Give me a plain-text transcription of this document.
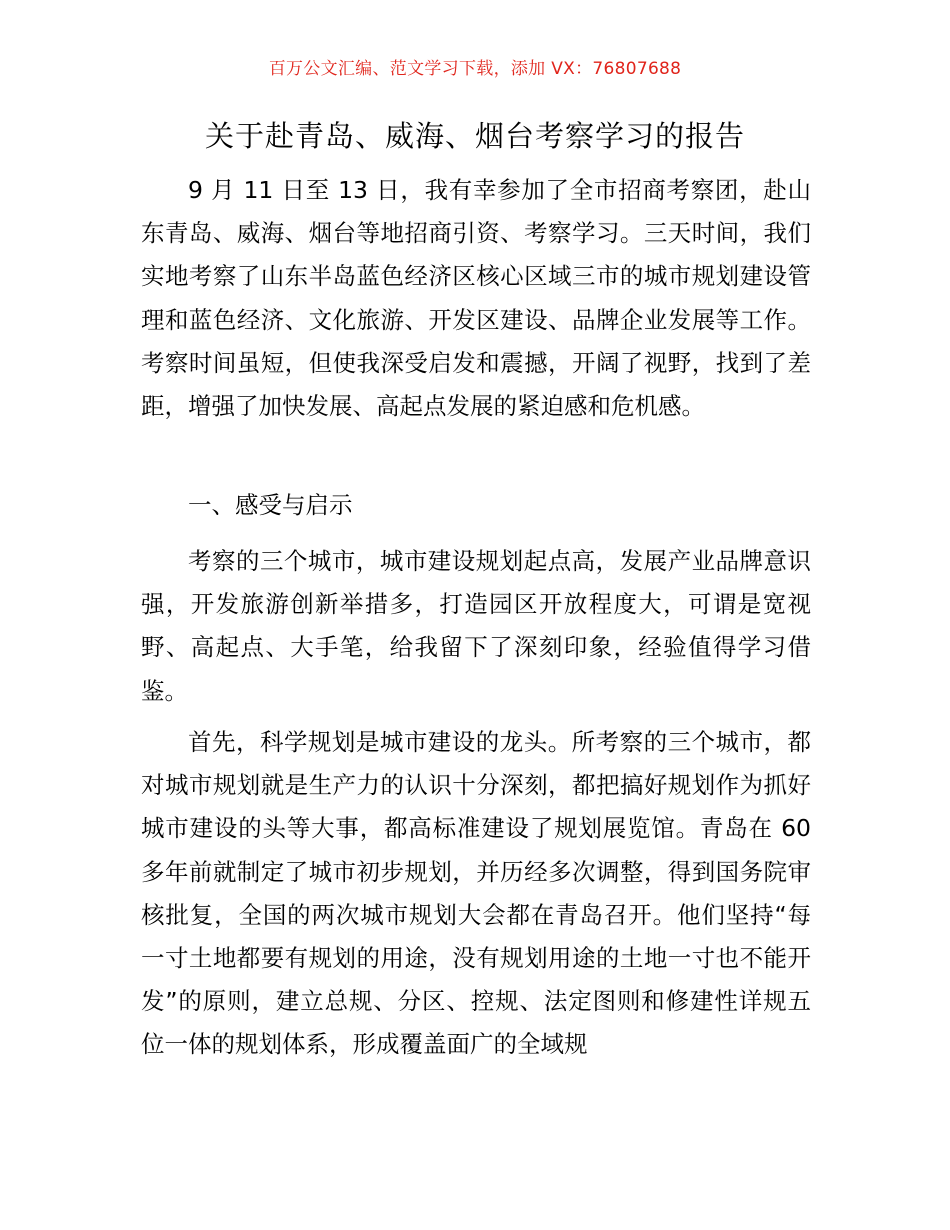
百万公文汇编、范文学习下载，添加 VX：76807688
关于赴青岛、威海、烟台考察学习的报告

9 月 11 日至 13 日，我有幸参加了全市招商考察团，赴山东青岛、威海、烟台等地招商引资、考察学习。三天时间，我们实地考察了山东半岛蓝色经济区核心区域三市的城市规划建设管理和蓝色经济、文化旅游、开发区建设、品牌企业发展等工作。考察时间虽短，但使我深受启发和震撼，开阔了视野，找到了差距，增强了加快发展、高起点发展的紧迫感和危机感。

一、感受与启示

考察的三个城市，城市建设规划起点高，发展产业品牌意识强，开发旅游创新举措多，打造园区开放程度大，可谓是宽视野、高起点、大手笔，给我留下了深刻印象，经验值得学习借鉴。

首先，科学规划是城市建设的龙头。所考察的三个城市，都对城市规划就是生产力的认识十分深刻，都把搞好规划作为抓好城市建设的头等大事，都高标准建设了规划展览馆。青岛在 60 多年前就制定了城市初步规划，并历经多次调整，得到国务院审核批复，全国的两次城市规划大会都在青岛召开。他们坚持“每一寸土地都要有规划的用途，没有规划用途的土地一寸也不能开发”的原则，建立总规、分区、控规、法定图则和修建性详规五位一体的规划体系，形成覆盖面广的全域规
